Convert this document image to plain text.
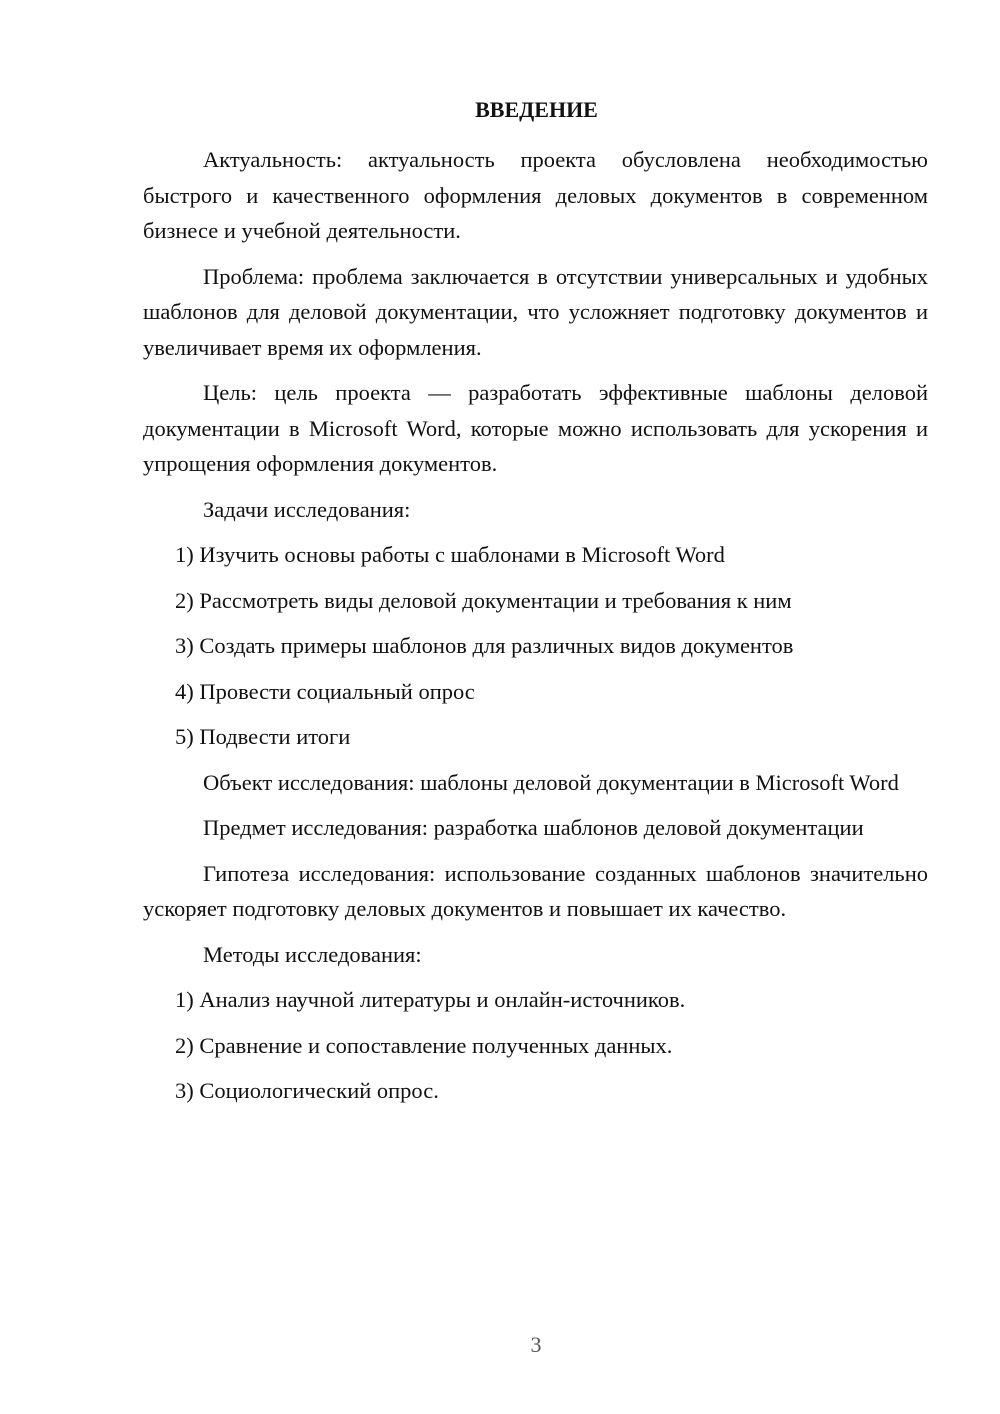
ВВЕДЕНИЕ

Актуальность: актуальность проекта обусловлена необходимостью быстрого и качественного оформления деловых документов в современном бизнесе и учебной деятельности.

Проблема: проблема заключается в отсутствии универсальных и удобных шаблонов для деловой документации, что усложняет подготовку документов и увеличивает время их оформления.

Цель: цель проекта — разработать эффективные шаблоны деловой документации в Microsoft Word, которые можно использовать для ускорения и упрощения оформления документов.

Задачи исследования:
1) Изучить основы работы с шаблонами в Microsoft Word
2) Рассмотреть виды деловой документации и требования к ним
3) Создать примеры шаблонов для различных видов документов
4) Провести социальный опрос
5) Подвести итоги

Объект исследования: шаблоны деловой документации в Microsoft Word

Предмет исследования: разработка шаблонов деловой документации

Гипотеза исследования: использование созданных шаблонов значительно ускоряет подготовку деловых документов и повышает их качество.

Методы исследования:
1) Анализ научной литературы и онлайн-источников.
2) Сравнение и сопоставление полученных данных.
3) Социологический опрос.
3
